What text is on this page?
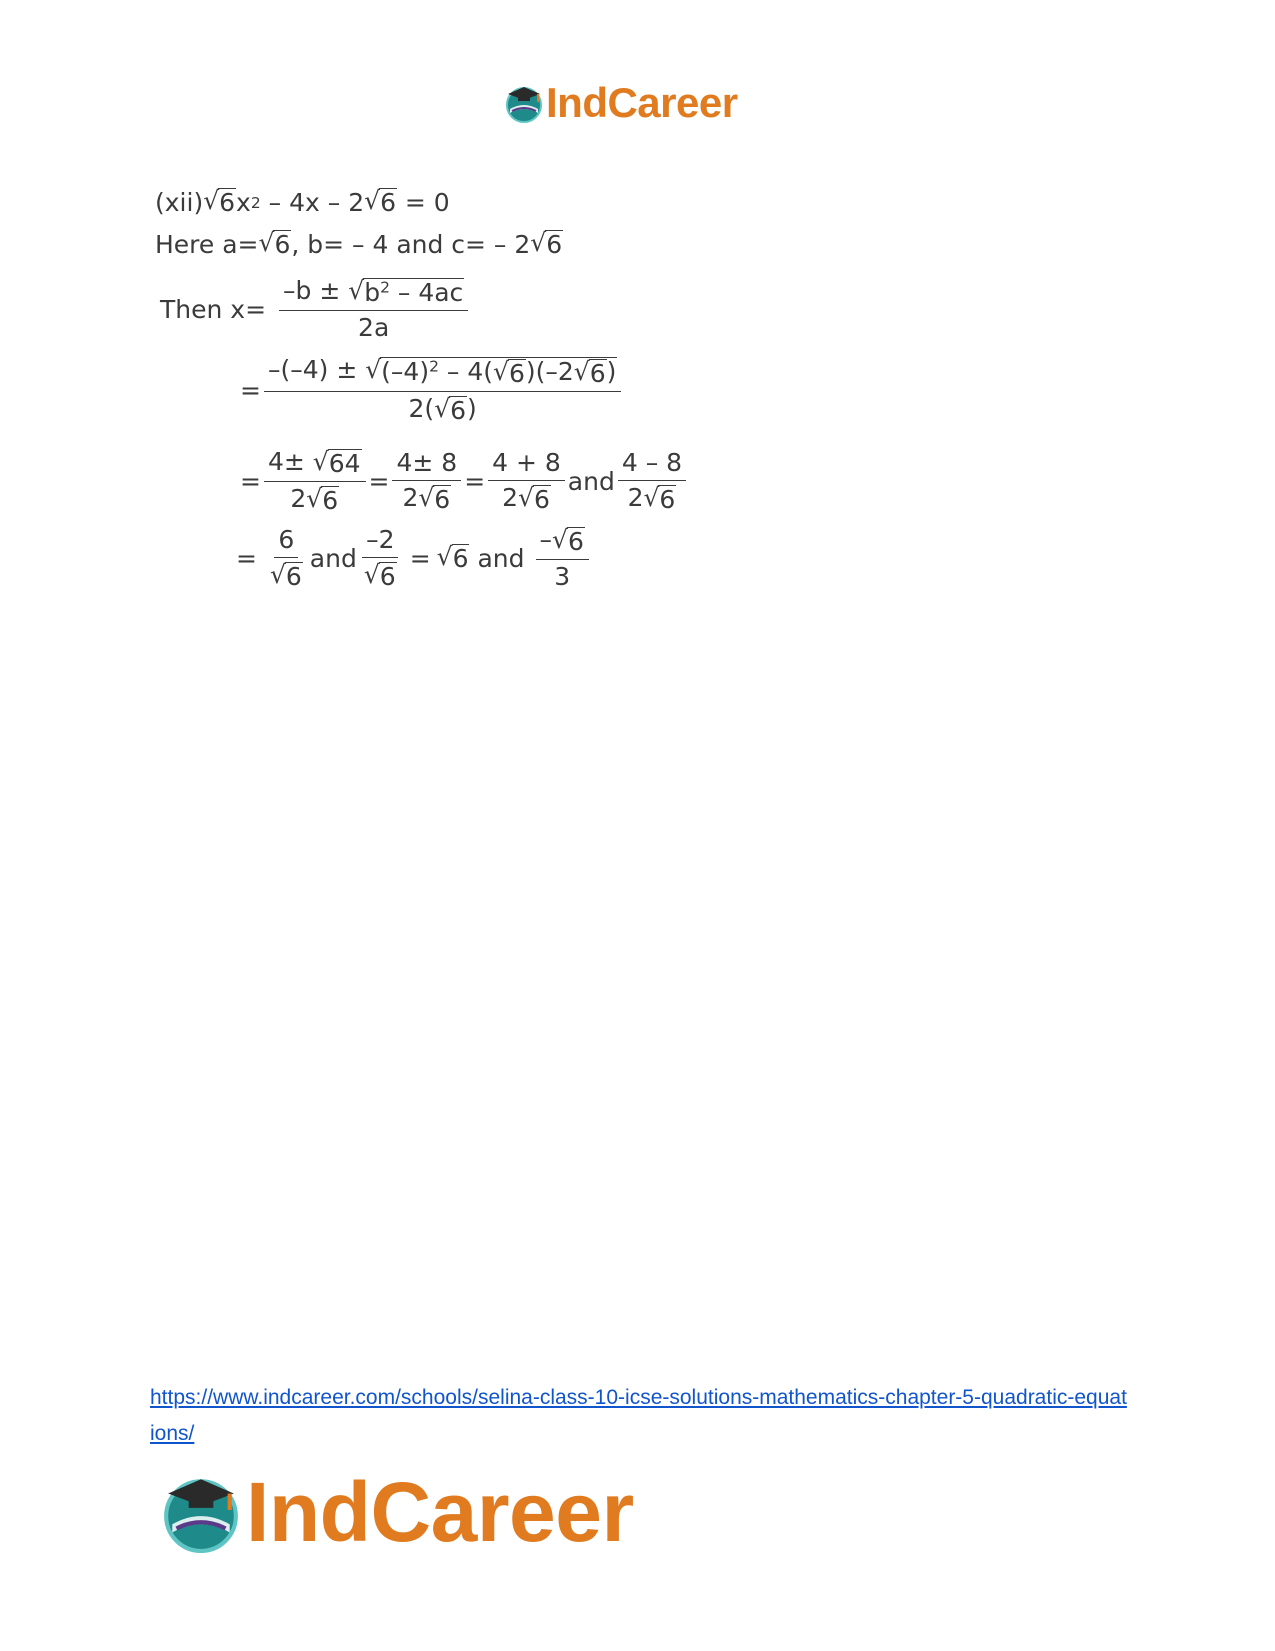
IndCareer
(xii) √ 6 x 2 – 4x – 2 √ 6 = 0
Here a= √ 6 , b= – 4 and c= – 2 √ 6
Then $x= \frac{-b \pm √ b^2 - 4ac}{2a}$
= $\frac{-(-4) \pm √ (-4)^2 - 4( √ 6 )(-2 √ 6 )}{2( √ 6 )}$
= $\frac{4\pm √ 64}{2 √ 6} = \frac{4\pm 8}{2 √ 6} = \frac{4 + 8}{2 √ 6}$ and $\frac{4 - 8}{2 √ 6}$
= $\frac{6}{√ 6}$ and $\frac{-2}{√ 6}$ = √ 6 and $\frac{- √ 6}{3}$
https://www.indcareer.com/schools/selina-class-10-icse-solutions-mathematics-chapter-5-quadratic-equations/
IndCareer
